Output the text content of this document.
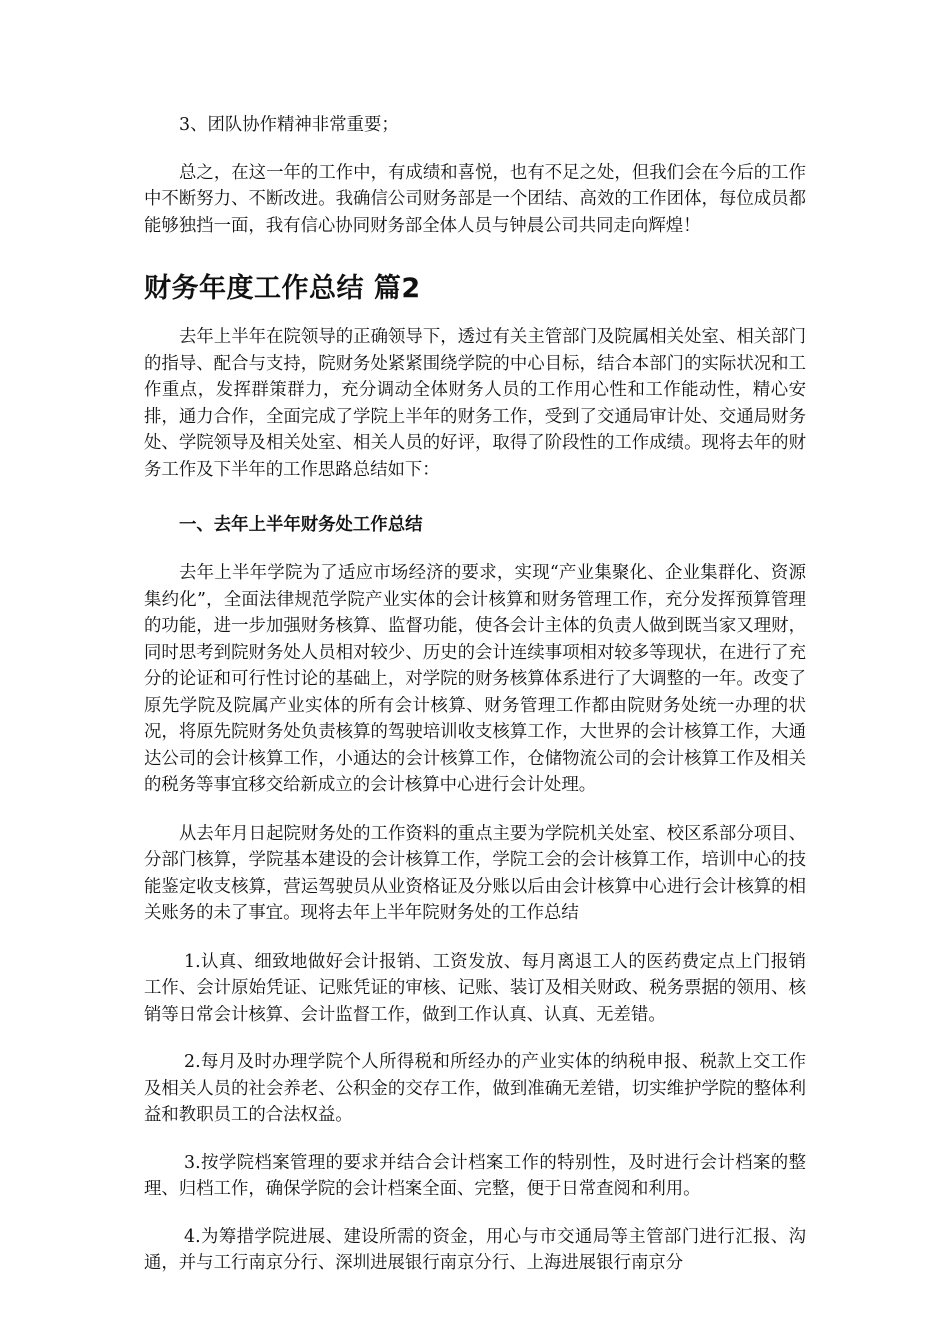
3、团队协作精神非常重要；

总之，在这一年的工作中，有成绩和喜悦，也有不足之处，但我们会在今后的工作中不断努力、不断改进。我确信公司财务部是一个团结、高效的工作团体，每位成员都能够独挡一面，我有信心协同财务部全体人员与钟晨公司共同走向辉煌！

财务年度工作总结 篇2

去年上半年在院领导的正确领导下，透过有关主管部门及院属相关处室、相关部门的指导、配合与支持，院财务处紧紧围绕学院的中心目标，结合本部门的实际状况和工作重点，发挥群策群力，充分调动全体财务人员的工作用心性和工作能动性，精心安排，通力合作，全面完成了学院上半年的财务工作，受到了交通局审计处、交通局财务处、学院领导及相关处室、相关人员的好评，取得了阶段性的工作成绩。现将去年的财务工作及下半年的工作思路总结如下：

一、去年上半年财务处工作总结

去年上半年学院为了适应市场经济的要求，实现“产业集聚化、企业集群化、资源集约化”，全面法律规范学院产业实体的会计核算和财务管理工作，充分发挥预算管理的功能，进一步加强财务核算、监督功能，使各会计主体的负责人做到既当家又理财，同时思考到院财务处人员相对较少、历史的会计连续事项相对较多等现状，在进行了充分的论证和可行性讨论的基础上，对学院的财务核算体系进行了大调整的一年。改变了原先学院及院属产业实体的所有会计核算、财务管理工作都由院财务处统一办理的状况，将原先院财务处负责核算的驾驶培训收支核算工作，大世界的会计核算工作，大通达公司的会计核算工作，小通达的会计核算工作，仓储物流公司的会计核算工作及相关的税务等事宜移交给新成立的会计核算中心进行会计处理。

从去年月日起院财务处的工作资料的重点主要为学院机关处室、校区系部分项目、分部门核算，学院基本建设的会计核算工作，学院工会的会计核算工作，培训中心的技能鉴定收支核算，营运驾驶员从业资格证及分账以后由会计核算中心进行会计核算的相关账务的未了事宜。现将去年上半年院财务处的工作总结

1.认真、细致地做好会计报销、工资发放、每月离退工人的医药费定点上门报销工作、会计原始凭证、记账凭证的审核、记账、装订及相关财政、税务票据的领用、核销等日常会计核算、会计监督工作，做到工作认真、认真、无差错。

2.每月及时办理学院个人所得税和所经办的产业实体的纳税申报、税款上交工作及相关人员的社会养老、公积金的交存工作，做到准确无差错，切实维护学院的整体利益和教职员工的合法权益。

3.按学院档案管理的要求并结合会计档案工作的特别性，及时进行会计档案的整理、归档工作，确保学院的会计档案全面、完整，便于日常查阅和利用。

4.为筹措学院进展、建设所需的资金，用心与市交通局等主管部门进行汇报、沟通，并与工行南京分行、深圳进展银行南京分行、上海进展银行南京分
